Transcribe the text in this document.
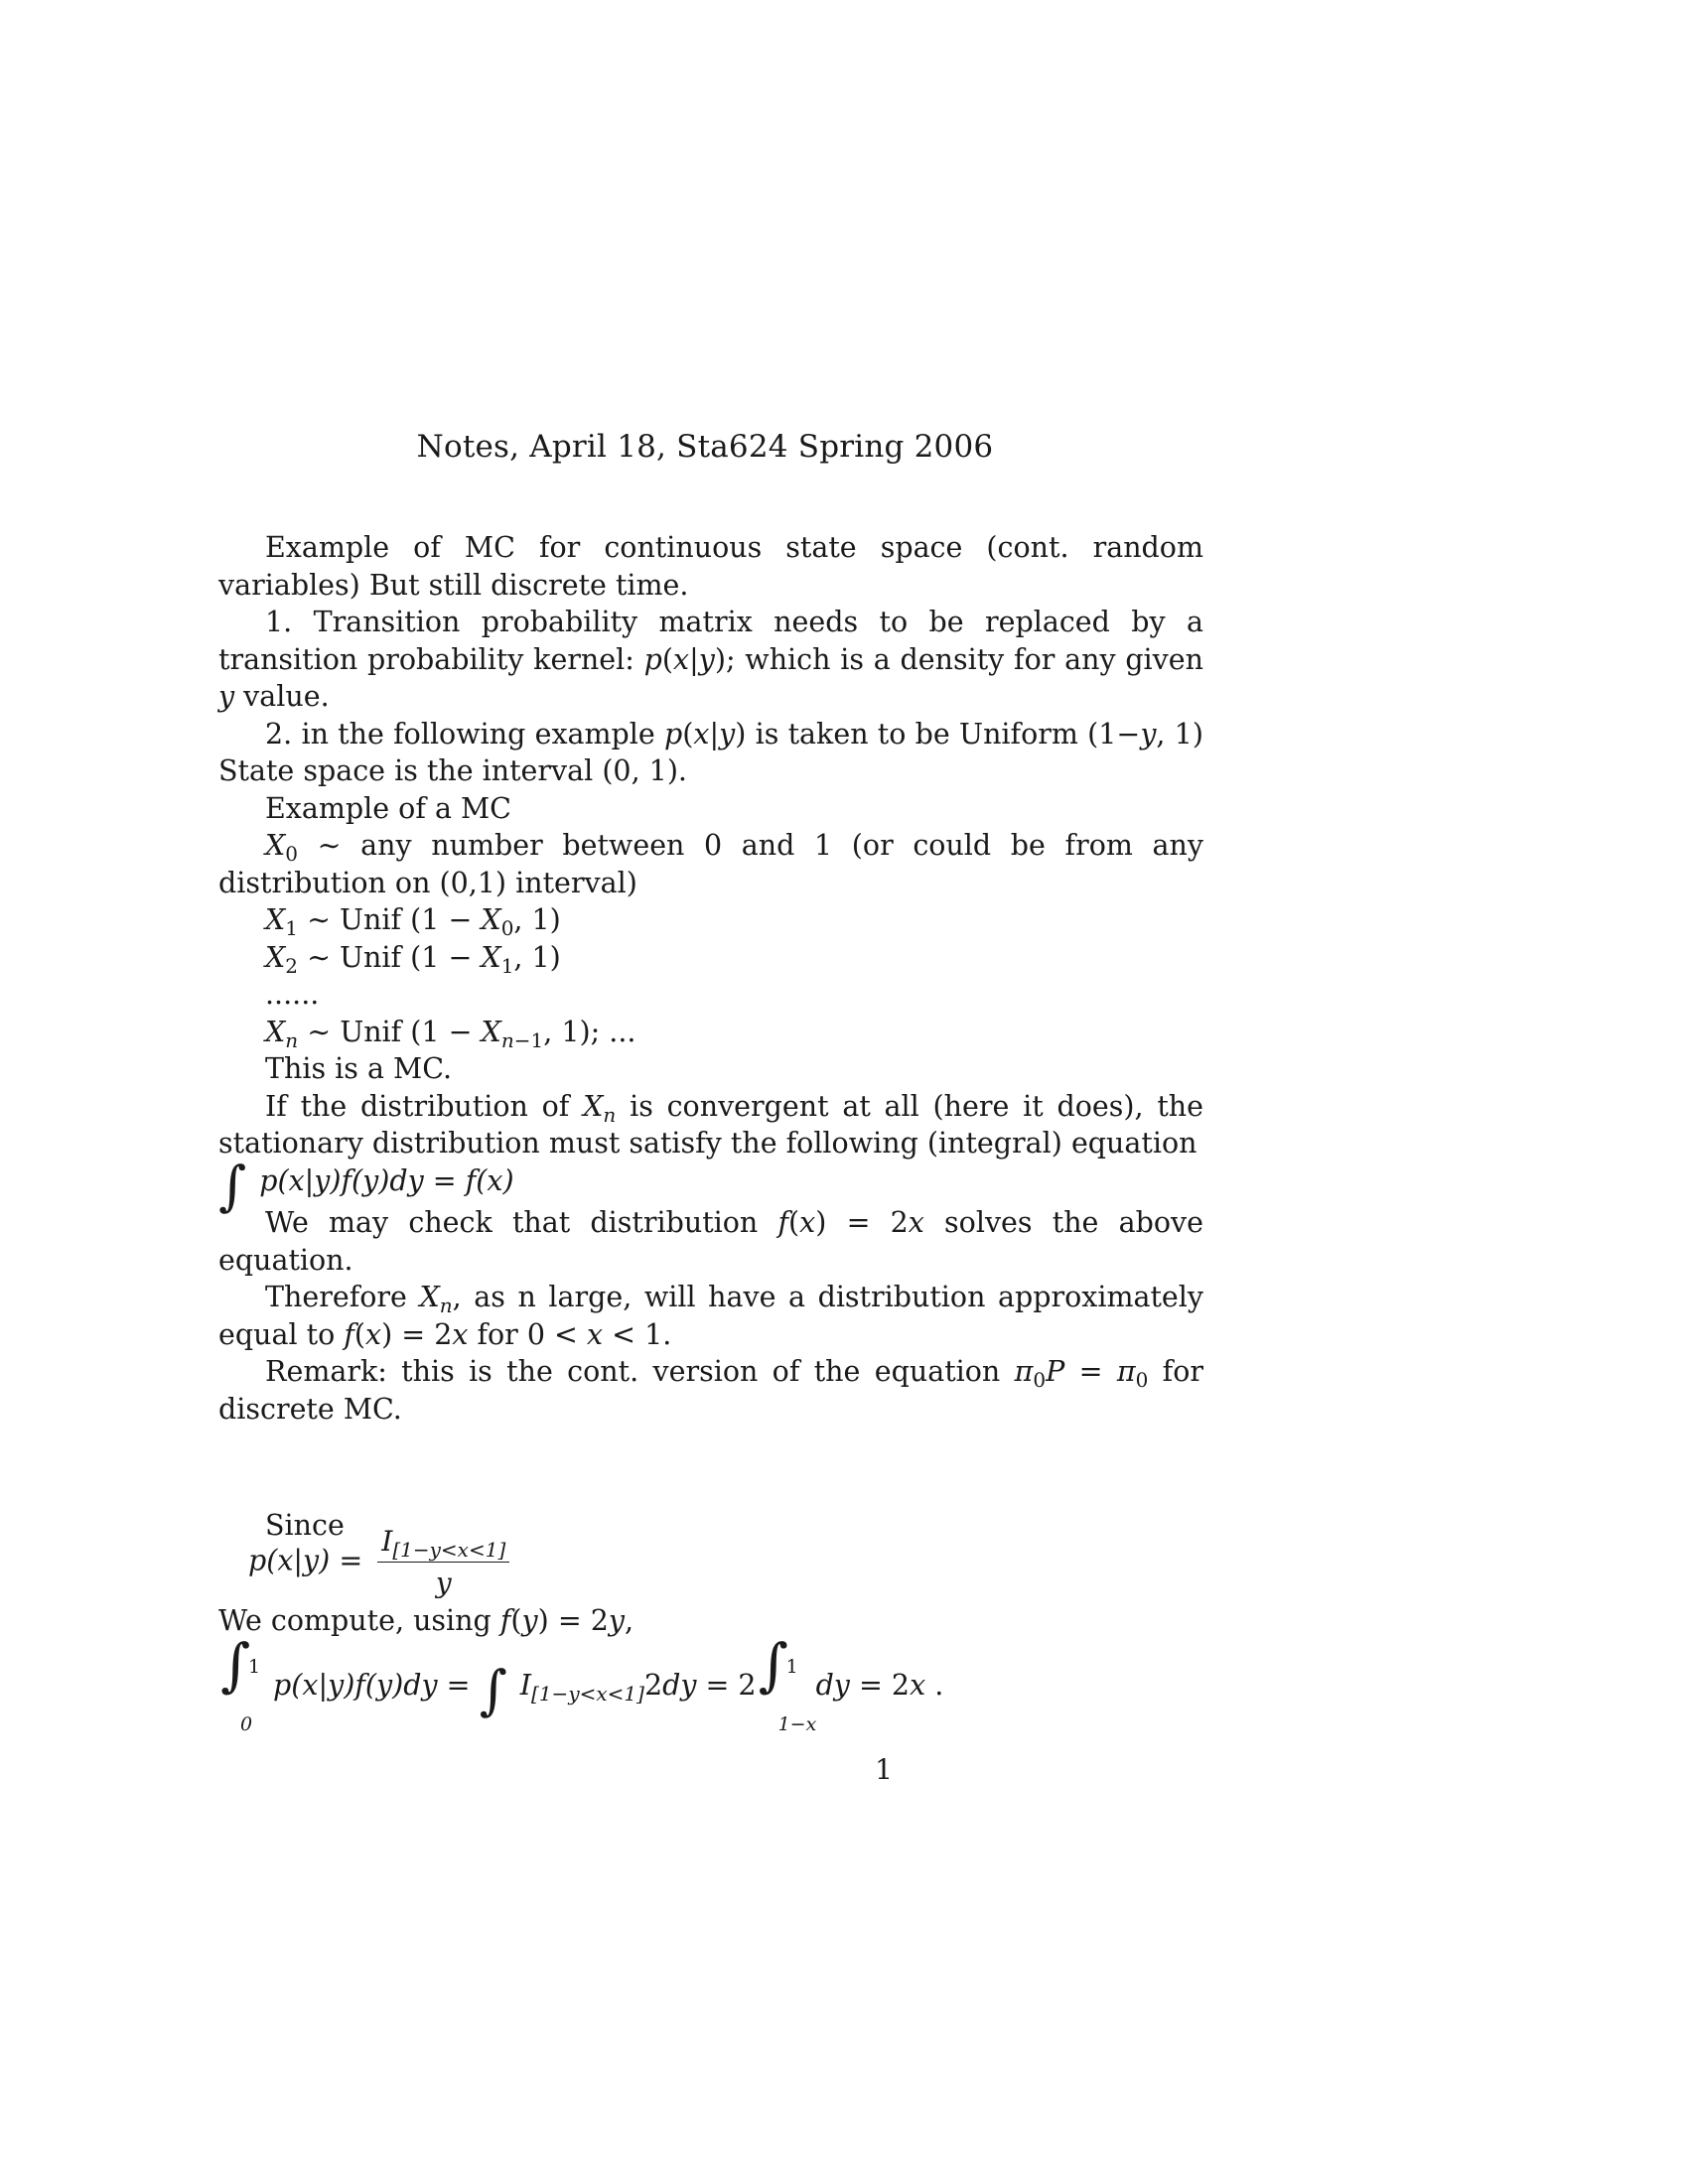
Notes, April 18, Sta624 Spring 2006

Example of MC for continuous state space (cont. random variables) But still discrete time.

1. Transition probability matrix needs to be replaced by a transition probability kernel: p(x|y); which is a density for any given y value.

2. in the following example p(x|y) is taken to be Uniform (1−y, 1) State space is the interval (0, 1).

Example of a MC

$X_0$ ∼ any number between 0 and 1 (or could be from any distribution on (0,1) interval)

$X_1$ ∼ Unif ($1 - X_0$, 1)

$X_2$ ∼ Unif ($1 - X_1$, 1)

......

$X_n$ ∼ Unif ($1 - X_{n-1}$, 1); ...

This is a MC.

If the distribution of $X_n$ is convergent at all (here it does), the stationary distribution must satisfy the following (integral) equation

∫ p(x|y)f(y)dy = f(x)

We may check that distribution f(x) = 2x solves the above equation.

Therefore $X_n$, as n large, will have a distribution approximately equal to f(x) = 2x for 0 < x < 1.

Remark: this is the cont. version of the equation $\pi_0P = \pi_0$ for discrete MC.

Since

$p(x|y) = \frac{I_{[1-y<x<1]}}{y}$

We compute, using f(y) = 2y,

∫
1
0
p(x|y)f(y)dy = ∫ $I_{[1-y<x<1]}2dy = 2$ ∫
1
1−x
dy = 2x .

1
